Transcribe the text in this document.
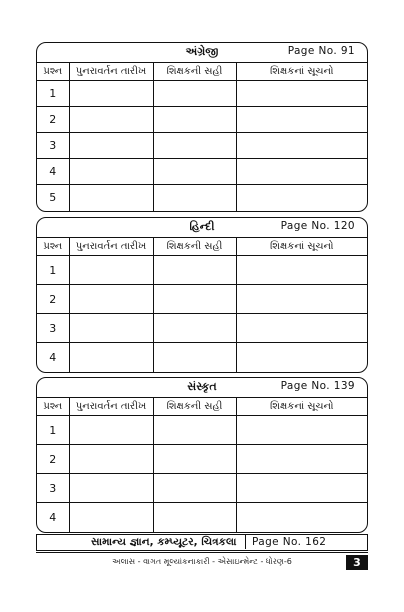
અંગ્રેજી	Page No. 91
પ્રશ્ન	પુનરાવર્તન તારીખ	શિક્ષકની સહી	શિક્ષકનાં સૂચનો
1			
2			
3			
4			
5			
હિન્દી	Page No. 120
પ્રશ્ન	પુનરાવર્તન તારીખ	શિક્ષકની સહી	શિક્ષકનાં સૂચનો
1			
2			
3			
4			
સંસ્કૃત	Page No. 139
પ્રશ્ન	પુનરાવર્તન તારીખ	શિક્ષકની સહી	શિક્ષકનાં સૂચનો
1			
2			
3			
4			
સામાન્ય જ્ઞાન, કમ્પ્યૂટર, ચિત્રકલા	Page No. 162
અલાસ - વાગત મૂલ્યાંકનાકારી - એસાઇન્મેન્ટ - ધોરણ-6	3
